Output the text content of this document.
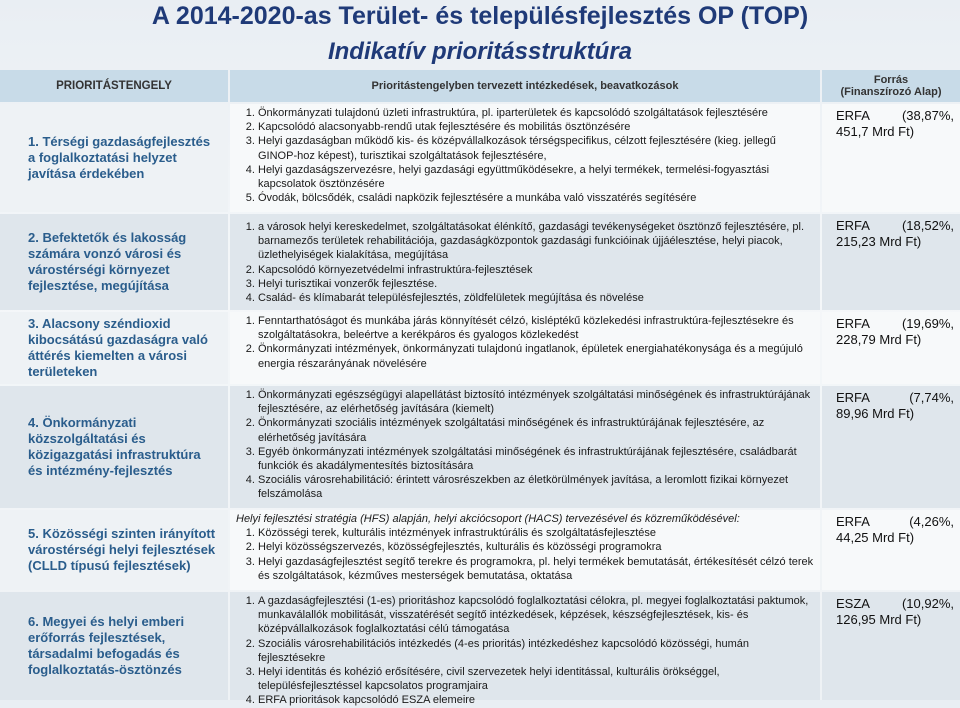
A 2014-2020-as Terület- és településfejlesztés OP (TOP)
Indikatív prioritásstruktúra
PRIORITÁSTENGELY	Prioritástengelyben tervezett intézkedések, beavatkozások	Forrás
(Finanszírozó Alap)
1. Térségi gazdaságfejlesztés a foglalkoztatási helyzet javítása érdekében
1. Önkormányzati tulajdonú üzleti infrastruktúra, pl. iparterületek és kapcsolódó szolgáltatások fejlesztésére
2. Kapcsolódó alacsonyabb-rendű utak fejlesztésére és mobilitás ösztönzésére
3. Helyi gazdaságban működő kis- és középvállalkozások térségspecifikus, célzott fejlesztésére (kieg. jellegű GINOP-hoz képest), turisztikai szolgáltatások fejlesztésére,
4. Helyi gazdaságszervezésre, helyi gazdasági együttműködésekre, a helyi termékek, termelési-fogyasztási kapcsolatok ösztönzésére
5. Óvodák, bölcsődék, családi napközik fejlesztésére a munkába való visszatérés segítésére
ERFA (38,87%,
451,7 Mrd Ft)
2. Befektetők és lakosság számára vonzó városi és várostérségi környezet fejlesztése, megújítása
1. a városok helyi kereskedelmet, szolgáltatásokat élénkítő, gazdasági tevékenységeket ösztönző fejlesztésére, pl. barnamezős területek rehabilitációja, gazdaságközpontok gazdasági funkcióinak újjáélesztése, helyi piacok, üzlethelyiségek kialakítása, megújítása
2. Kapcsolódó környezetvédelmi infrastruktúra-fejlesztések
3. Helyi turisztikai vonzerők fejlesztése.
4. Család- és klímabarát településfejlesztés, zöldfelületek megújítása és növelése
ERFA (18,52%,
215,23 Mrd Ft)
3. Alacsony széndioxid kibocsátású gazdaságra való áttérés kiemelten a városi területeken
1. Fenntarthatóságot és munkába járás könnyítését célzó, kisléptékű közlekedési infrastruktúra-fejlesztésekre és szolgáltatásokra, beleértve a kerékpáros és gyalogos közlekedést
2. Önkormányzati intézmények, önkormányzati tulajdonú ingatlanok, épületek energiahatékonysága és a megújuló energia részarányának növelésére
ERFA (19,69%,
228,79 Mrd Ft)
4. Önkormányzati közszolgáltatási és közigazgatási infrastruktúra és intézmény-fejlesztés
1. Önkormányzati egészségügyi alapellátást biztosító intézmények szolgáltatási minőségének és infrastruktúrájának fejlesztésére, az elérhetőség javítására (kiemelt)
2. Önkormányzati szociális intézmények szolgáltatási minőségének és infrastruktúrájának fejlesztésére, az elérhetőség javítására
3. Egyéb önkormányzati intézmények szolgáltatási minőségének és infrastruktúrájának fejlesztésére, családbarát funkciók és akadálymentesítés biztosítására
4. Szociális városrehabilitáció: érintett városrészekben az életkörülmények javítása, a leromlott fizikai környezet felszámolása
ERFA	(7,74%,
89,96 Mrd Ft)
5. Közösségi szinten irányított várostérségi helyi fejlesztések (CLLD típusú fejlesztések)
Helyi fejlesztési stratégia (HFS) alapján, helyi akciócsoport (HACS) tervezésével és közreműködésével:
1. Közösségi terek, kulturális intézmények infrastruktúrális és szolgáltatásfejlesztése
2. Helyi közösségszervezés, közösségfejlesztés, kulturális és közösségi programokra
3. Helyi gazdaságfejlesztést segítő terekre és programokra, pl. helyi termékek bemutatását, értékesítését célzó terek és szolgáltatások, kézműves mesterségek bemutatása, oktatása
ERFA	(4,26%,
44,25 Mrd Ft)
6. Megyei és helyi emberi erőforrás fejlesztések, társadalmi befogadás és foglalkoztatás-ösztönzés
1. A gazdaságfejlesztési (1-es) prioritáshoz kapcsolódó foglalkoztatási célokra, pl. megyei foglalkoztatási paktumok, munkaválallók mobilitását, visszatérését segítő intézkedések, képzések, készségfejlesztések, kis- és középvállalkozások foglalkoztatási célú támogatása
2. Szociális városrehabilitációs intézkedés (4-es prioritás) intézkedéshez kapcsolódó közösségi, humán fejlesztésekre
3. Helyi identitás és kohézió erősítésére, civil szervezetek helyi identitással, kulturális örökséggel, településfejlesztéssel kapcsolatos programjaira
4. ERFA prioritások kapcsolódó ESZA elemeire
ESZA (10,92%,
126,95 Mrd Ft)
